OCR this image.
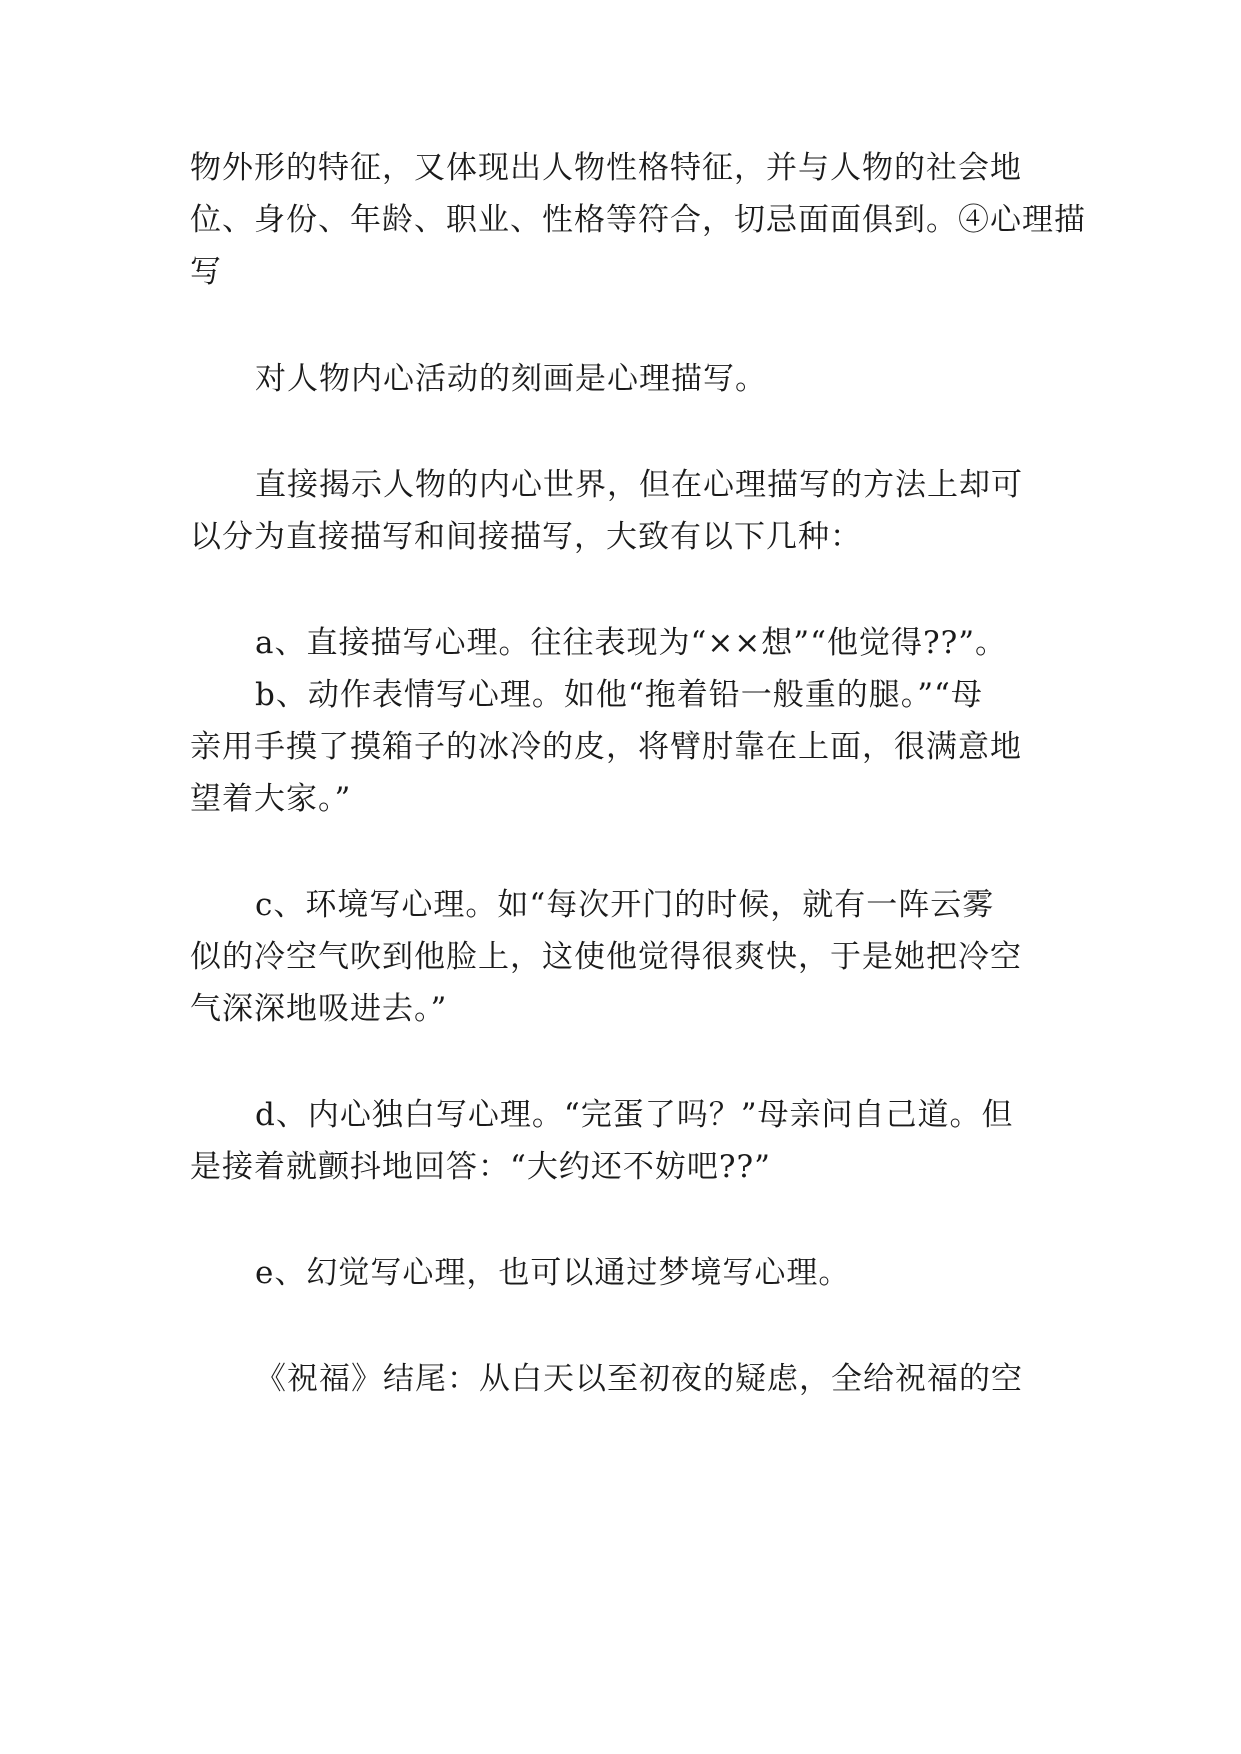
物外形的特征，又体现出人物性格特征，并与人物的社会地
位、身份、年龄、职业、性格等符合，切忌面面俱到。④心理描
写
对人物内心活动的刻画是心理描写。
直接揭示人物的内心世界，但在心理描写的方法上却可
以分为直接描写和间接描写，大致有以下几种：
a、直接描写心理。往往表现为“××想”“他觉得??”。
b、动作表情写心理。如他“拖着铅一般重的腿。”“母
亲用手摸了摸箱子的冰冷的皮，将臂肘靠在上面，很满意地
望着大家。”
c、环境写心理。如“每次开门的时候，就有一阵云雾
似的冷空气吹到他脸上，这使他觉得很爽快，于是她把冷空
气深深地吸进去。”
d、内心独白写心理。“完蛋了吗？”母亲问自己道。但
是接着就颤抖地回答：“大约还不妨吧??”
e、幻觉写心理，也可以通过梦境写心理。
《祝福》结尾：从白天以至初夜的疑虑，全给祝福的空
